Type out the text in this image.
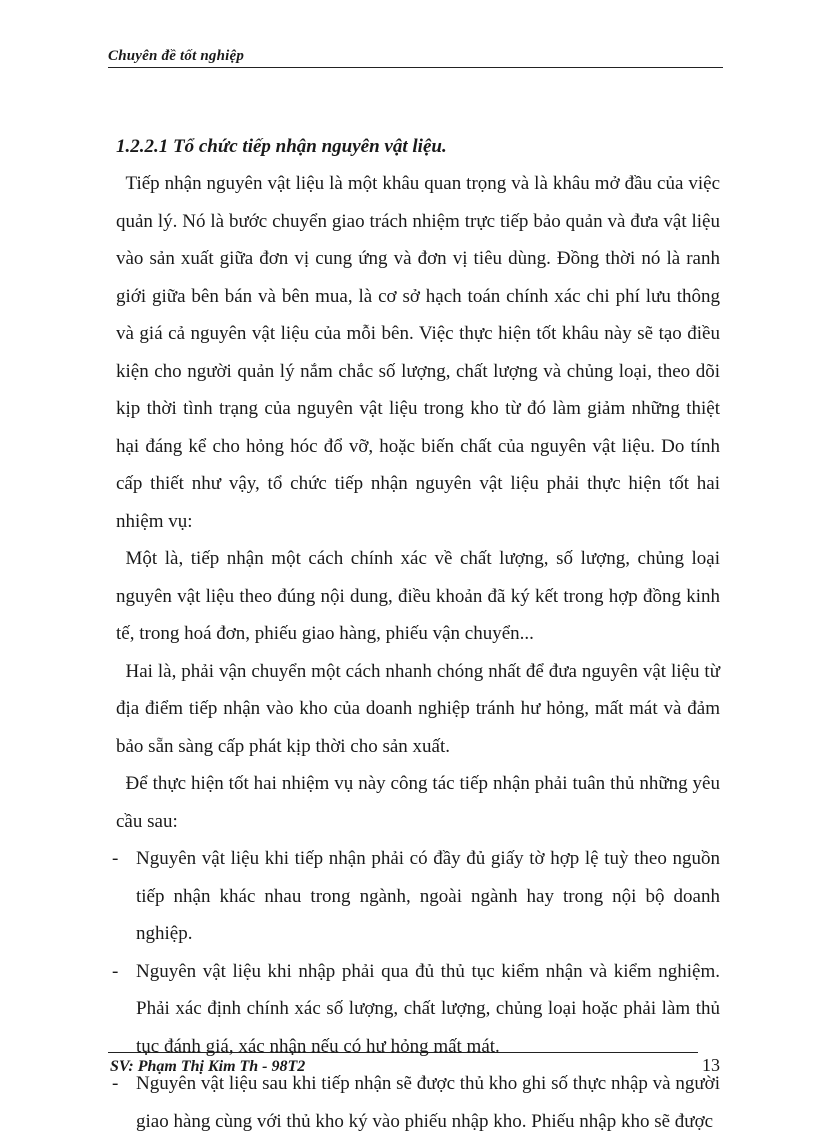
Chuyên đề tốt nghiệp
1.2.2.1 Tổ chức tiếp nhận nguyên vật liệu.

Tiếp nhận nguyên vật liệu là một khâu quan trọng và là khâu mở đầu của việc quản lý. Nó là bước chuyển giao trách nhiệm trực tiếp bảo quản và đưa vật liệu vào sản xuất giữa đơn vị cung ứng và đơn vị tiêu dùng. Đồng thời nó là ranh giới giữa bên bán và bên mua, là cơ sở hạch toán chính xác chi phí lưu thông và giá cả nguyên vật liệu của mỗi bên. Việc thực hiện tốt khâu này sẽ tạo điều kiện cho người quản lý nắm chắc số lượng, chất lượng và chủng loại, theo dõi kịp thời tình trạng của nguyên vật liệu trong kho từ đó làm giảm những thiệt hại đáng kể cho hỏng hóc đổ vỡ, hoặc biến chất của nguyên vật liệu. Do tính cấp thiết như vậy, tổ chức tiếp nhận nguyên vật liệu phải thực hiện tốt hai nhiệm vụ:

Một là, tiếp nhận một cách chính xác về chất lượng, số lượng, chủng loại nguyên vật liệu theo đúng nội dung, điều khoản đã ký kết trong hợp đồng kinh tế, trong hoá đơn, phiếu giao hàng, phiếu vận chuyển...

Hai là, phải vận chuyển một cách nhanh chóng nhất để đưa nguyên vật liệu từ địa điểm tiếp nhận vào kho của doanh nghiệp tránh hư hỏng, mất mát và đảm bảo sẵn sàng cấp phát kịp thời cho sản xuất.

Để thực hiện tốt hai nhiệm vụ này công tác tiếp nhận phải tuân thủ những yêu cầu sau:

- Nguyên vật liệu khi tiếp nhận phải có đầy đủ giấy tờ hợp lệ tuỳ theo nguồn tiếp nhận khác nhau trong ngành, ngoài ngành hay trong nội bộ doanh nghiệp.
- Nguyên vật liệu khi nhập phải qua đủ thủ tục kiểm nhận và kiểm nghiệm. Phải xác định chính xác số lượng, chất lượng, chủng loại hoặc phải làm thủ tục đánh giá, xác nhận nếu có hư hỏng mất mát.
- Nguyên vật liệu sau khi tiếp nhận sẽ được thủ kho ghi số thực nhập và người giao hàng cùng với thủ kho ký vào phiếu nhập kho. Phiếu nhập kho sẽ được
SV: Phạm Thị Kim Th - 98T2	13
